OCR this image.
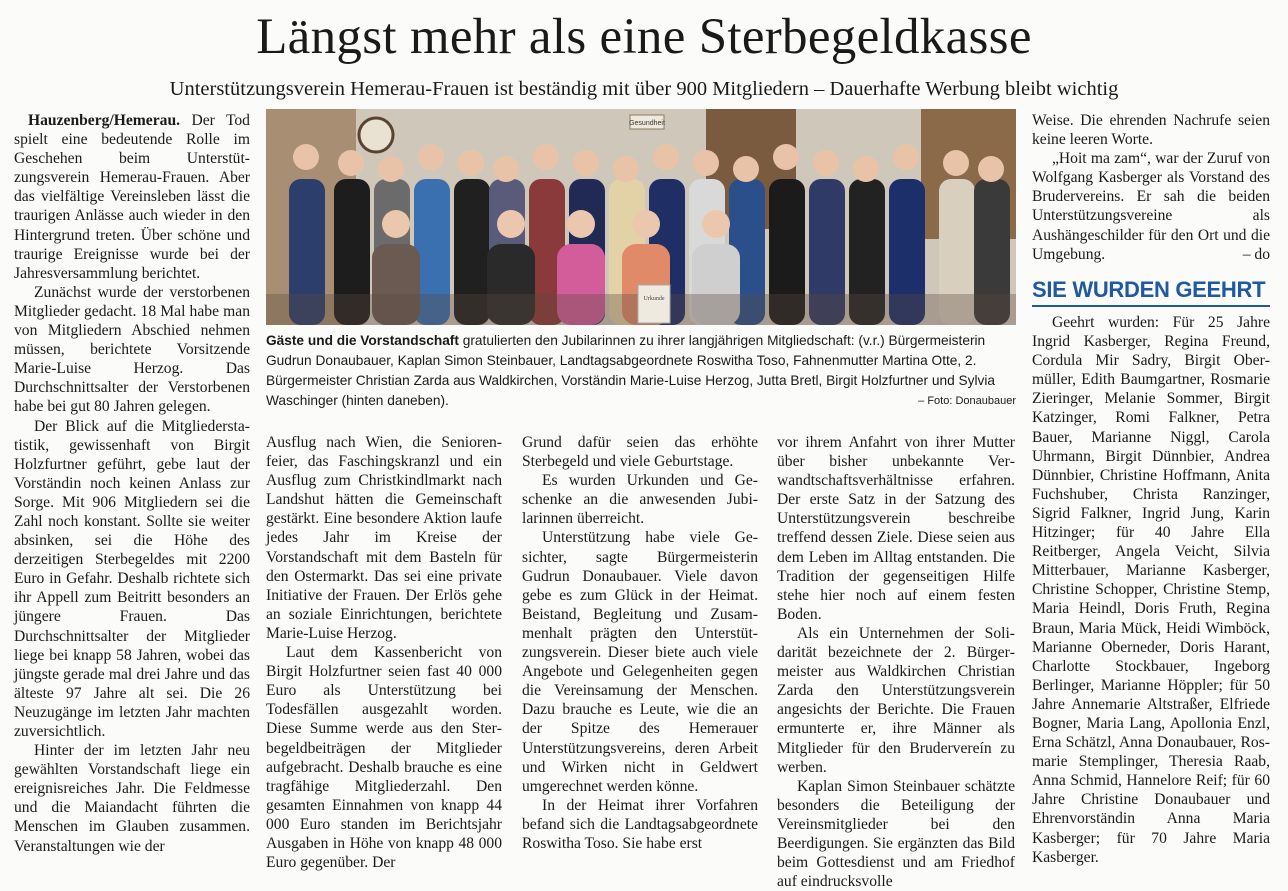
Längst mehr als eine Sterbegeldkasse
Unterstützungsverein Hemerau-Frauen ist beständig mit über 900 Mitgliedern – Dauerhafte Werbung bleibt wichtig

Hauzenberg/Hemerau. Der Tod spielt eine bedeutende Rolle im Geschehen beim Unterstützungsverein Hemerau-Frauen. Aber das vielfältige Vereinsleben lässt die traurigen Anlässe auch wieder in den Hintergrund treten. Über schöne und traurige Ereignisse wurde bei der Jahresversammlung berichtet.

Zunächst wurde der verstorbenen Mitglieder gedacht. 18 Mal habe man von Mitgliedern Abschied nehmen müssen, berichtete Vorsitzende Marie-Luise Herzog. Das Durchschnittsalter der Verstorbenen habe bei gut 80 Jahren gelegen.

Der Blick auf die Mitgliederstatistik, gewissenhaft von Birgit Holzfurtner geführt, gebe laut der Vorständin noch keinen Anlass zur Sorge. Mit 906 Mitgliedern sei die Zahl noch konstant. Sollte sie weiter absinken, sei die Höhe des derzeitigen Sterbegeldes mit 2200 Euro in Gefahr. Deshalb richtete sich ihr Appell zum Beitritt besonders an jüngere Frauen. Das Durchschnittsalter der Mitglieder liege bei knapp 58 Jahren, wobei das jüngste gerade mal drei Jahre und das älteste 97 Jahre alt sei. Die 26 Neuzugänge im letzten Jahr machten zuversichtlich.

Hinter der im letzten Jahr neu gewählten Vorstandschaft liege ein ereignisreiches Jahr. Die Feldmesse und die Maiandacht führten die Menschen im Glauben zusammen. Veranstaltungen wie der

Gesundheit
Urkunde
Gäste und die Vorstandschaft gratulierten den Jubilarinnen zu ihrer langjährigen Mitgliedschaft: (v.r.) Bürgermeisterin Gudrun Donaubauer, Kaplan Simon Steinbauer, Landtagsabgeordnete Roswitha Toso, Fahnenmutter Martina Otte, 2. Bürgermeister Christian Zarda aus Waldkirchen, Vorständin Marie-Luise Herzog, Jutta Bretl, Birgit Holzfurtner und Sylvia Waschinger (hinten daneben).	– Foto: Donaubauer

Ausflug nach Wien, die Seniorenfeier, das Faschingskranzl und ein Ausflug zum Christkindlmarkt nach Landshut hätten die Gemeinschaft gestärkt. Eine besondere Aktion laufe jedes Jahr im Kreise der Vorstandschaft mit dem Basteln für den Ostermarkt. Das sei eine private Initiative der Frauen. Der Erlös gehe an soziale Einrichtungen, berichtete Marie-Luise Herzog.

Laut dem Kassenbericht von Birgit Holzfurtner seien fast 40 000 Euro als Unterstützung bei Todesfällen ausgezahlt worden. Diese Summe werde aus den Sterbegeldbeiträgen der Mitglieder aufgebracht. Deshalb brauche es eine tragfähige Mitgliederzahl. Den gesamten Einnahmen von knapp 44 000 Euro standen im Berichtsjahr Ausgaben in Höhe von knapp 48 000 Euro gegenüber. Der

Grund dafür seien das erhöhte Sterbegeld und viele Geburtstage.

Es wurden Urkunden und Geschenke an die anwesenden Jubilarinnen überreicht.

Unterstützung habe viele Gesichter, sagte Bürgermeisterin Gudrun Donaubauer. Viele davon gebe es zum Glück in der Heimat. Beistand, Begleitung und Zusammenhalt prägten den Unterstützungsverein. Dieser biete auch viele Angebote und Gelegenheiten gegen die Vereinsamung der Menschen. Dazu brauche es Leute, wie die an der Spitze des Hemerauer Unterstützungsvereins, deren Arbeit und Wirken nicht in Geldwert umgerechnet werden könne.

In der Heimat ihrer Vorfahren befand sich die Landtagsabgeordnete Roswitha Toso. Sie habe erst

vor ihrem Anfahrt von ihrer Mutter über bisher unbekannte Verwandtschaftsverhältnisse erfahren. Der erste Satz in der Satzung des Unterstützungsverein beschreibe treffend dessen Ziele. Diese seien aus dem Leben im Alltag entstanden. Die Tradition der gegenseitigen Hilfe stehe hier noch auf einem festen Boden.

Als ein Unternehmen der Solidarität bezeichnete der 2. Bürgermeister aus Waldkirchen Christian Zarda den Unterstützungsverein angesichts der Berichte. Die Frauen ermunterte er, ihre Männer als Mitglieder für den Brudervereín zu werben.

Kaplan Simon Steinbauer schätzte besonders die Beteiligung der Vereinsmitglieder bei den Beerdigungen. Sie ergänzten das Bild beim Gottesdienst und am Friedhof auf eindrucksvolle

Weise. Die ehrenden Nachrufe seien keine leeren Worte.

„Hoit ma zam“, war der Zuruf von Wolfgang Kasberger als Vorstand des Brudervereins. Er sah die beiden Unterstützungsvereine als Aushängeschilder für den Ort und die Umgebung.	– do

SIE WURDEN GEEHRT

Geehrt wurden: Für 25 Jahre Ingrid Kasberger, Regina Freund, Cordula Mir Sadry, Birgit Obermüller, Edith Baumgartner, Rosmarie Zieringer, Melanie Sommer, Birgit Katzinger, Romi Falkner, Petra Bauer, Marianne Niggl, Carola Uhrmann, Birgit Dünnbier, Andrea Dünnbier, Christine Hoffmann, Anita Fuchshuber, Christa Ranzinger, Sigrid Falkner, Ingrid Jung, Karin Hitzinger; für 40 Jahre Ella Reitberger, Angela Veicht, Silvia Mitterbauer, Marianne Kasberger, Christine Schopper, Christine Stemp, Maria Heindl, Doris Fruth, Regina Braun, Maria Mück, Heidi Wimböck, Marianne Oberneder, Doris Harant, Charlotte Stockbauer, Ingeborg Berlinger, Marianne Höppler; für 50 Jahre Annemarie Altstraßer, Elfriede Bogner, Maria Lang, Apollonia Enzl, Erna Schätzl, Anna Donaubauer, Rosmarie Stemplinger, Theresia Raab, Anna Schmid, Hannelore Reif; für 60 Jahre Christine Donaubauer und Ehrenvorständin Anna Maria Kasberger; für 70 Jahre Maria Kasberger.
